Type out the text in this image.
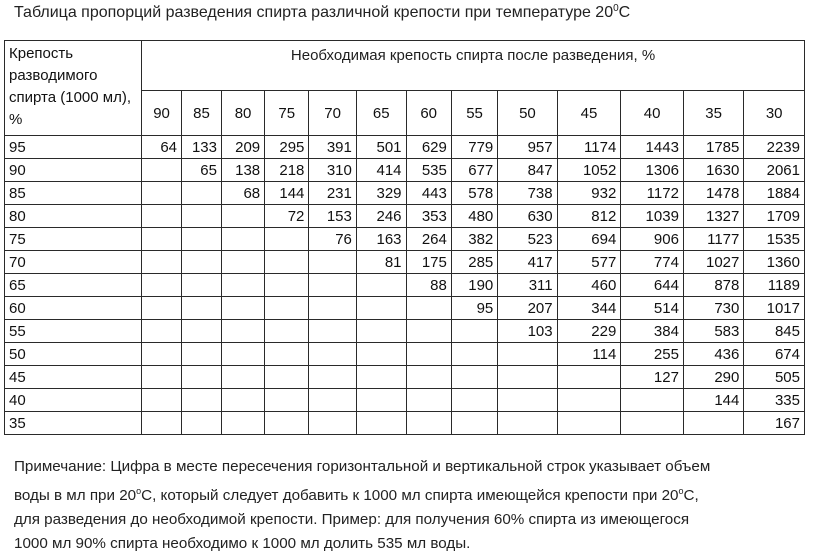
Таблица пропорций разведения спирта различной крепости при температуре $20^0С$
Крепость разводимого спирта (1000 мл), %	Необходимая крепость спирта после разведения, %												
	90	85	80	75	70	65	60	55	50	45	40	35	30
95	64	133	209	295	391	501	629	779	957	1174	1443	1785	2239
90		65	138	218	310	414	535	677	847	1052	1306	1630	2061
85			68	144	231	329	443	578	738	932	1172	1478	1884
80				72	153	246	353	480	630	812	1039	1327	1709
75					76	163	264	382	523	694	906	1177	1535
70						81	175	285	417	577	774	1027	1360
65							88	190	311	460	644	878	1189
60								95	207	344	514	730	1017
55									103	229	384	583	845
50										114	255	436	674
45											127	290	505
40												144	335
35													167

Примечание: Цифра в месте пересечения горизонтальной и вертикальной строк указывает объем

воды в мл при $20^оС$, который следует добавить к 1000 мл спирта имеющейся крепости при $20^оС$,

для разведения до необходимой крепости. Пример: для получения 60% спирта из имеющегося

1000 мл 90% спирта необходимо к 1000 мл долить 535 мл воды.
